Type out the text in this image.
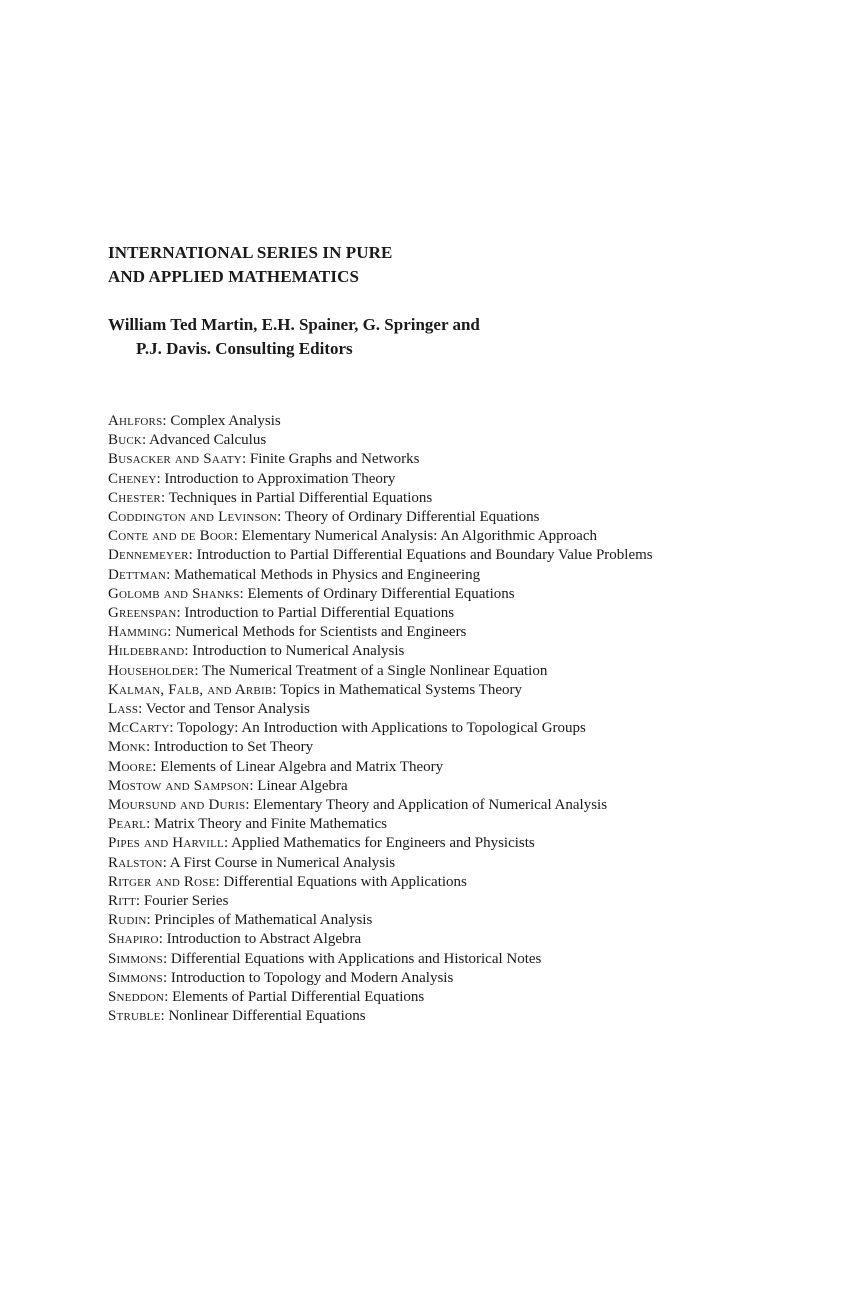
INTERNATIONAL SERIES IN PURE
AND APPLIED MATHEMATICS

William Ted Martin, E.H. Spainer, G. Springer and
P.J. Davis. Consulting Editors

Ahlfors: Complex Analysis
Buck: Advanced Calculus
Busacker and Saaty: Finite Graphs and Networks
Cheney: Introduction to Approximation Theory
Chester: Techniques in Partial Differential Equations
Coddington and Levinson: Theory of Ordinary Differential Equations
Conte and de Boor: Elementary Numerical Analysis: An Algorithmic Approach
Dennemeyer: Introduction to Partial Differential Equations and Boundary Value Problems
Dettman: Mathematical Methods in Physics and Engineering
Golomb and Shanks: Elements of Ordinary Differential Equations
Greenspan: Introduction to Partial Differential Equations
Hamming: Numerical Methods for Scientists and Engineers
Hildebrand: Introduction to Numerical Analysis
Householder: The Numerical Treatment of a Single Nonlinear Equation
Kalman, Falb, and Arbib: Topics in Mathematical Systems Theory
Lass: Vector and Tensor Analysis
McCarty: Topology: An Introduction with Applications to Topological Groups
Monk: Introduction to Set Theory
Moore: Elements of Linear Algebra and Matrix Theory
Mostow and Sampson: Linear Algebra
Moursund and Duris: Elementary Theory and Application of Numerical Analysis
Pearl: Matrix Theory and Finite Mathematics
Pipes and Harvill: Applied Mathematics for Engineers and Physicists
Ralston: A First Course in Numerical Analysis
Ritger and Rose: Differential Equations with Applications
Ritt: Fourier Series
Rudin: Principles of Mathematical Analysis
Shapiro: Introduction to Abstract Algebra
Simmons: Differential Equations with Applications and Historical Notes
Simmons: Introduction to Topology and Modern Analysis
Sneddon: Elements of Partial Differential Equations
Struble: Nonlinear Differential Equations
